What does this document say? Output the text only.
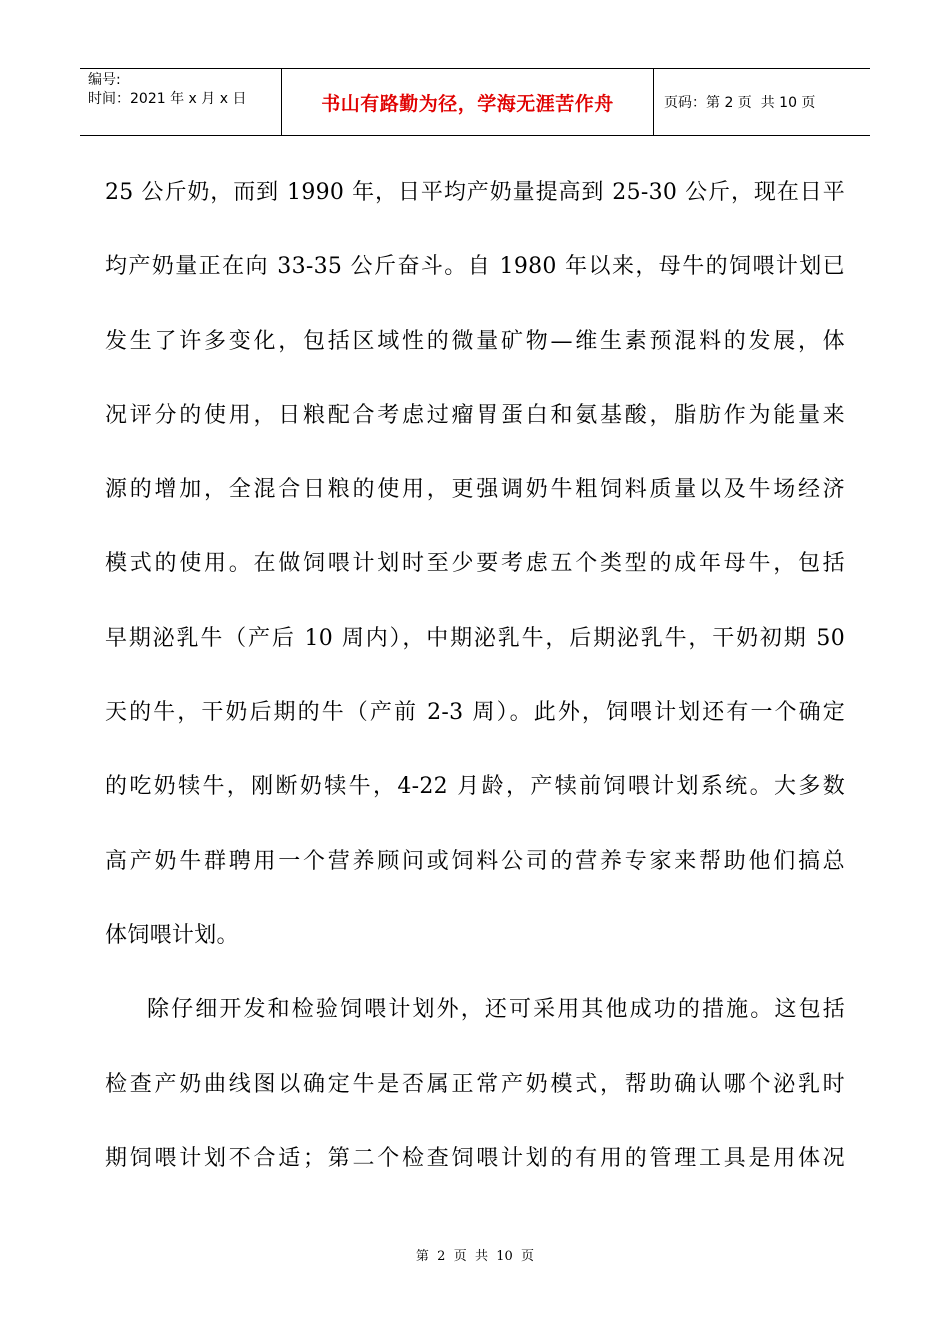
编号:
时间：2021 年 x 月 x 日	书山有路勤为径，学海无涯苦作舟	页码：第 2 页  共 10 页
25 公斤奶，而到 1990 年，日平均产奶量提高到 25-30 公斤，现在日平
均产奶量正在向 33-35 公斤奋斗。自 1980 年以来，母牛的饲喂计划已
发生了许多变化，包括区域性的微量矿物—维生素预混料的发展，体
况评分的使用，日粮配合考虑过瘤胃蛋白和氨基酸，脂肪作为能量来
源的增加，全混合日粮的使用，更强调奶牛粗饲料质量以及牛场经济
模式的使用。在做饲喂计划时至少要考虑五个类型的成年母牛，包括
早期泌乳牛（产后 10 周内），中期泌乳牛，后期泌乳牛，干奶初期 50
天的牛，干奶后期的牛（产前 2-3 周）。此外，饲喂计划还有一个确定
的吃奶犊牛，刚断奶犊牛，4-22 月龄，产犊前饲喂计划系统。大多数
高产奶牛群聘用一个营养顾问或饲料公司的营养专家来帮助他们搞总
体饲喂计划。
除仔细开发和检验饲喂计划外，还可采用其他成功的措施。这包括
检查产奶曲线图以确定牛是否属正常产奶模式，帮助确认哪个泌乳时
期饲喂计划不合适；第二个检查饲喂计划的有用的管理工具是用体况
第  2  页  共  10  页
